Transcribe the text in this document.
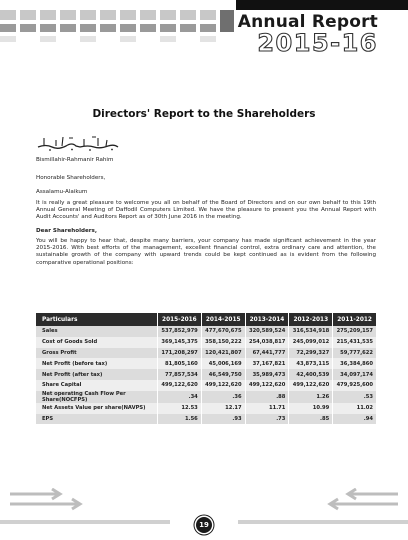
Annual Report
2015-16
Directors' Report to the Shareholders
Bismillahir-Rahmanir Rahim
Honorable Shareholders,
Assalamu-Alaikum
It is really a great pleasure to welcome you all on behalf of the Board of Directors and on our own behalf to this 19th Annual General Meeting of Daffodil Computers Limited. We have the pleasure to present you the Annual Report with Audit Accounts' and Auditors Report as of 30th June 2016 in the meeting.
Dear Shareholders,
You will be happy to hear that, despite many barriers, your company has made significant achievement in the year 2015-2016. With best efforts of the management, excellent financial control, extra ordinary care and attention, the sustainable growth of the company with upward trends could be kept continued as is evident from the following comparative operational positions:
Particulars	2015-2016	2014-2015	2013-2014	2012-2013	2011-2012
Sales	537,852,979	477,670,675	320,589,524	316,534,918	275,209,157
Cost of Goods Sold	369,145,375	358,150,222	254,038,817	245,099,012	215,431,535
Gross Profit	171,208,297	120,421,807	67,441,777	72,299,327	59,777,622
Net Profit (before tax)	81,805,160	45,006,169	37,167,821	43,873,115	36,384,860
Net Profit (after tax)	77,857,534	46,549,750	35,989,473	42,400,539	34,097,174
Share Capital	499,122,620	499,122,620	499,122,620	499,122,620	479,925,600
Net operating Cash Flow Per Share(NOCFPS)	.34	.36	.88	1.26	.53
Net Assets Value per share(NAVPS)	12.53	12.17	11.71	10.99	11.02
EPS	1.56	.93	.73	.85	.94
19
